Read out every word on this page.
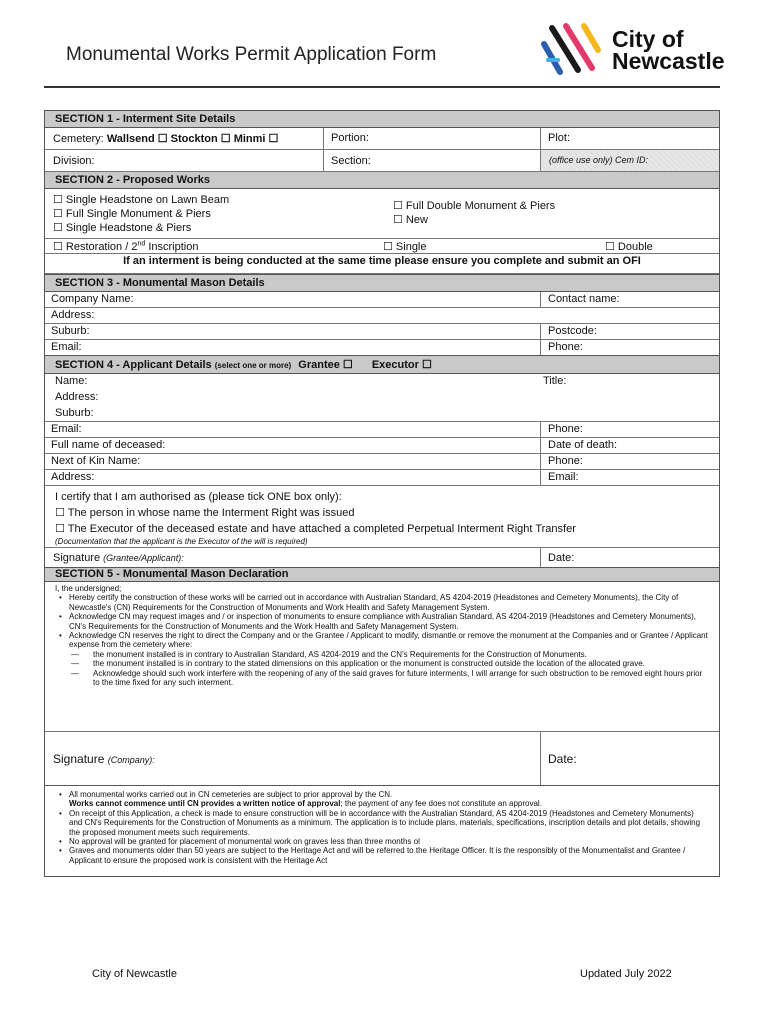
Monumental Works Permit Application Form
City of
Newcastle
SECTION 1 - Interment Site Details
Cemetery: Wallsend ☐ Stockton ☐ Minmi ☐	Portion:	Plot:
Division:	Section:	(office use only) Cem ID:
SECTION 2 - Proposed Works
☐ Single Headstone on Lawn Beam
☐ Full Single Monument & Piers
☐ Single Headstone & Piers
☐ Full Double Monument & Piers
☐ New
☐ Restoration / 2nd Inscription	☐ Single	☐ Double
If an interment is being conducted at the same time please ensure you complete and submit an OFI
SECTION 3 - Monumental Mason Details
Company Name:	Contact name:
Address:
Suburb:	Postcode:
Email:	Phone:
SECTION 4 - Applicant Details (select one or more) Grantee ☐ Executor ☐
Name:	Title:
Address:
Suburb:
Email:	Phone:
Full name of deceased:	Date of death:
Next of Kin Name:	Phone:
Address:	Email:
I certify that I am authorised as (please tick ONE box only):
☐ The person in whose name the Interment Right was issued
☐ The Executor of the deceased estate and have attached a completed Perpetual Interment Right Transfer
(Documentation that the applicant is the Executor of the will is required)
Signature (Grantee/Applicant):	Date:
SECTION 5 - Monumental Mason Declaration
I, the undersigned;
• Hereby certify the construction of these works will be carried out in accordance with Australian Standard, AS 4204-2019 (Headstones and Cemetery Monuments), the City of Newcastle's (CN) Requirements for the Construction of Monuments and Work Health and Safety Management System.
• Acknowledge CN may request images and / or inspection of monuments to ensure compliance with Australian Standard, AS 4204-2019 (Headstones and Cemetery Monuments), CN's Requirements for the Construction of Monuments and the Work Health and Safety Management System.
• Acknowledge CN reserves the right to direct the Company and or the Grantee / Applicant to modify, dismantle or remove the monument at the Companies and or Grantee / Applicant expense from the cemetery where:
— the monument installed is in contrary to Australian Standard, AS 4204-2019 and the CN's Requirements for the Construction of Monuments.
— the monument installed is in contrary to the stated dimensions on this application or the monument is constructed outside the location of the allocated grave.
— Acknowledge should such work interfere with the reopening of any of the said graves for future interments, I will arrange for such obstruction to be removed eight hours prior to the time fixed for any such interment.
Signature (Company):	Date:
• All monumental works carried out in CN cemeteries are subject to prior approval by the CN.
Works cannot commence until CN provides a written notice of approval; the payment of any fee does not constitute an approval.
• On receipt of this Application, a check is made to ensure construction will be in accordance with the Australian Standard, AS 4204-2019 (Headstones and Cemetery Monuments) and CN's Requirements for the Construction of Monuments as a minimum. The application is to include plans, materials, specifications, inscription details and plot details, showing the proposed monument meets such requirements.
• No approval will be granted for placement of monumental work on graves less than three months ol
• Graves and monuments older than 50 years are subject to the Heritage Act and will be referred to the Heritage Officer. It is the responsibly of the Monumentalist and Grantee / Applicant to ensure the proposed work is consistent with the Heritage Act
City of Newcastle	Updated July 2022
